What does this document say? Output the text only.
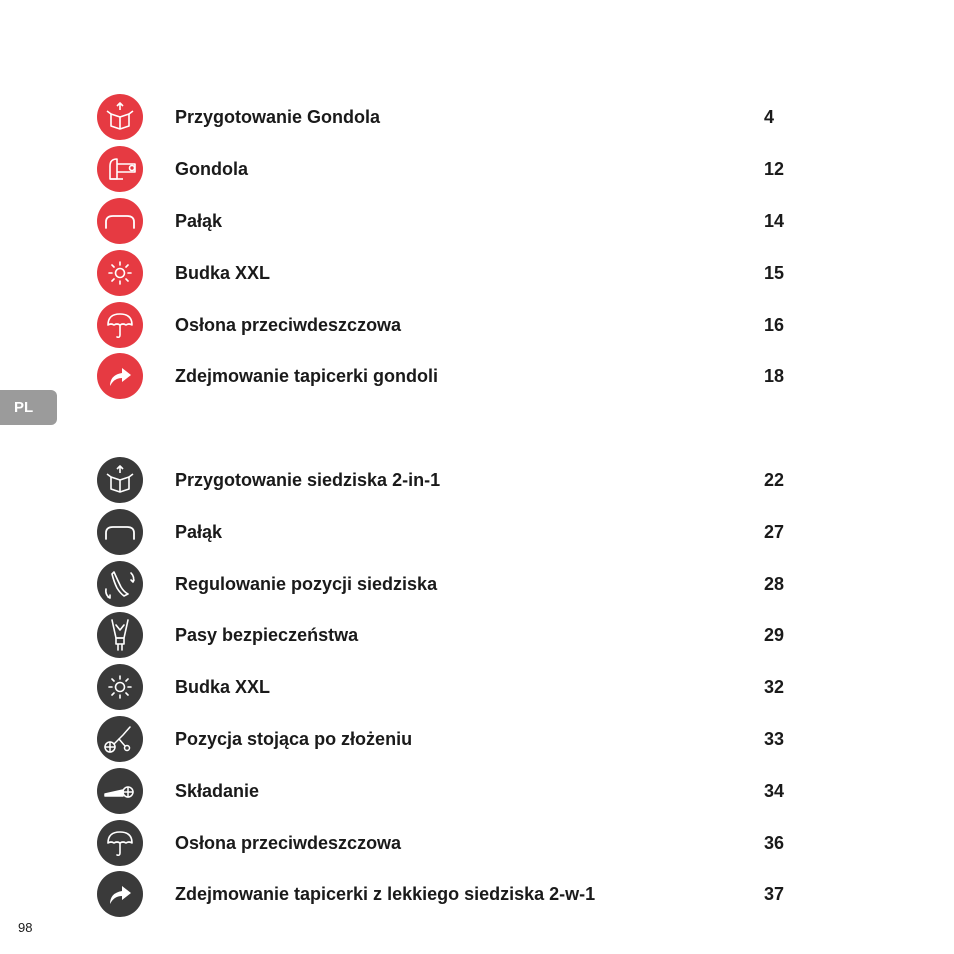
Przygotowanie Gondola	4
Gondola	12
Pałąk	14
Budka XXL	15
Osłona przeciwdeszczowa	16
Zdejmowanie tapicerki gondoli	18
PL
Przygotowanie siedziska 2-in-1	22
Pałąk	27
Regulowanie pozycji siedziska	28
Pasy bezpieczeństwa	29
Budka XXL	32
Pozycja stojąca po złożeniu	33
Składanie	34
Osłona przeciwdeszczowa	36
Zdejmowanie tapicerki z lekkiego siedziska 2-w-1	37
98
